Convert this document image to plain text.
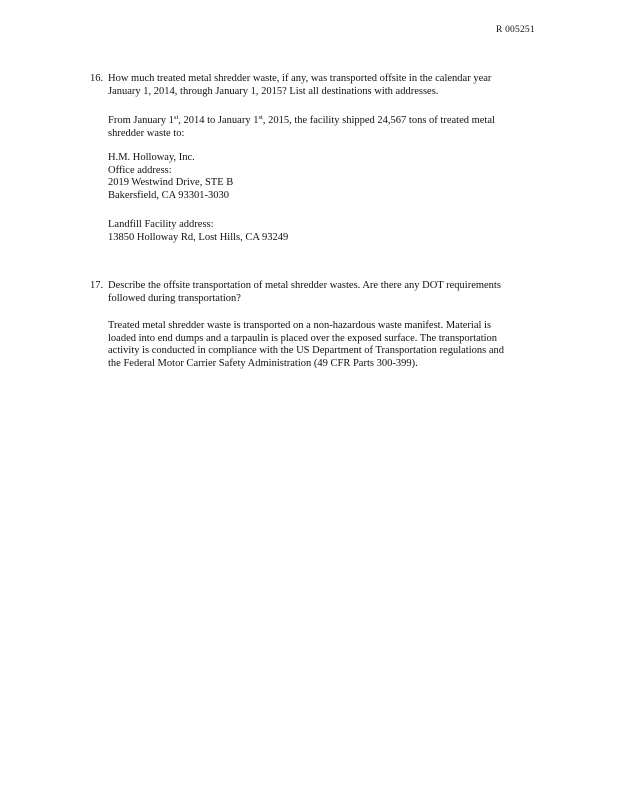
R 005251
16. How much treated metal shredder waste, if any, was transported offsite in the calendar year
January 1, 2014, through January 1, 2015? List all destinations with addresses.
From January 1st, 2014 to January 1st, 2015, the facility shipped 24,567 tons of treated metal
shredder waste to:
H.M. Holloway, Inc.
Office address:
2019 Westwind Drive, STE B
Bakersfield, CA 93301-3030
Landfill Facility address:
13850 Holloway Rd, Lost Hills, CA 93249
17. Describe the offsite transportation of metal shredder wastes. Are there any DOT requirements
followed during transportation?
Treated metal shredder waste is transported on a non-hazardous waste manifest. Material is
loaded into end dumps and a tarpaulin is placed over the exposed surface. The transportation
activity is conducted in compliance with the US Department of Transportation regulations and
the Federal Motor Carrier Safety Administration (49 CFR Parts 300-399).
